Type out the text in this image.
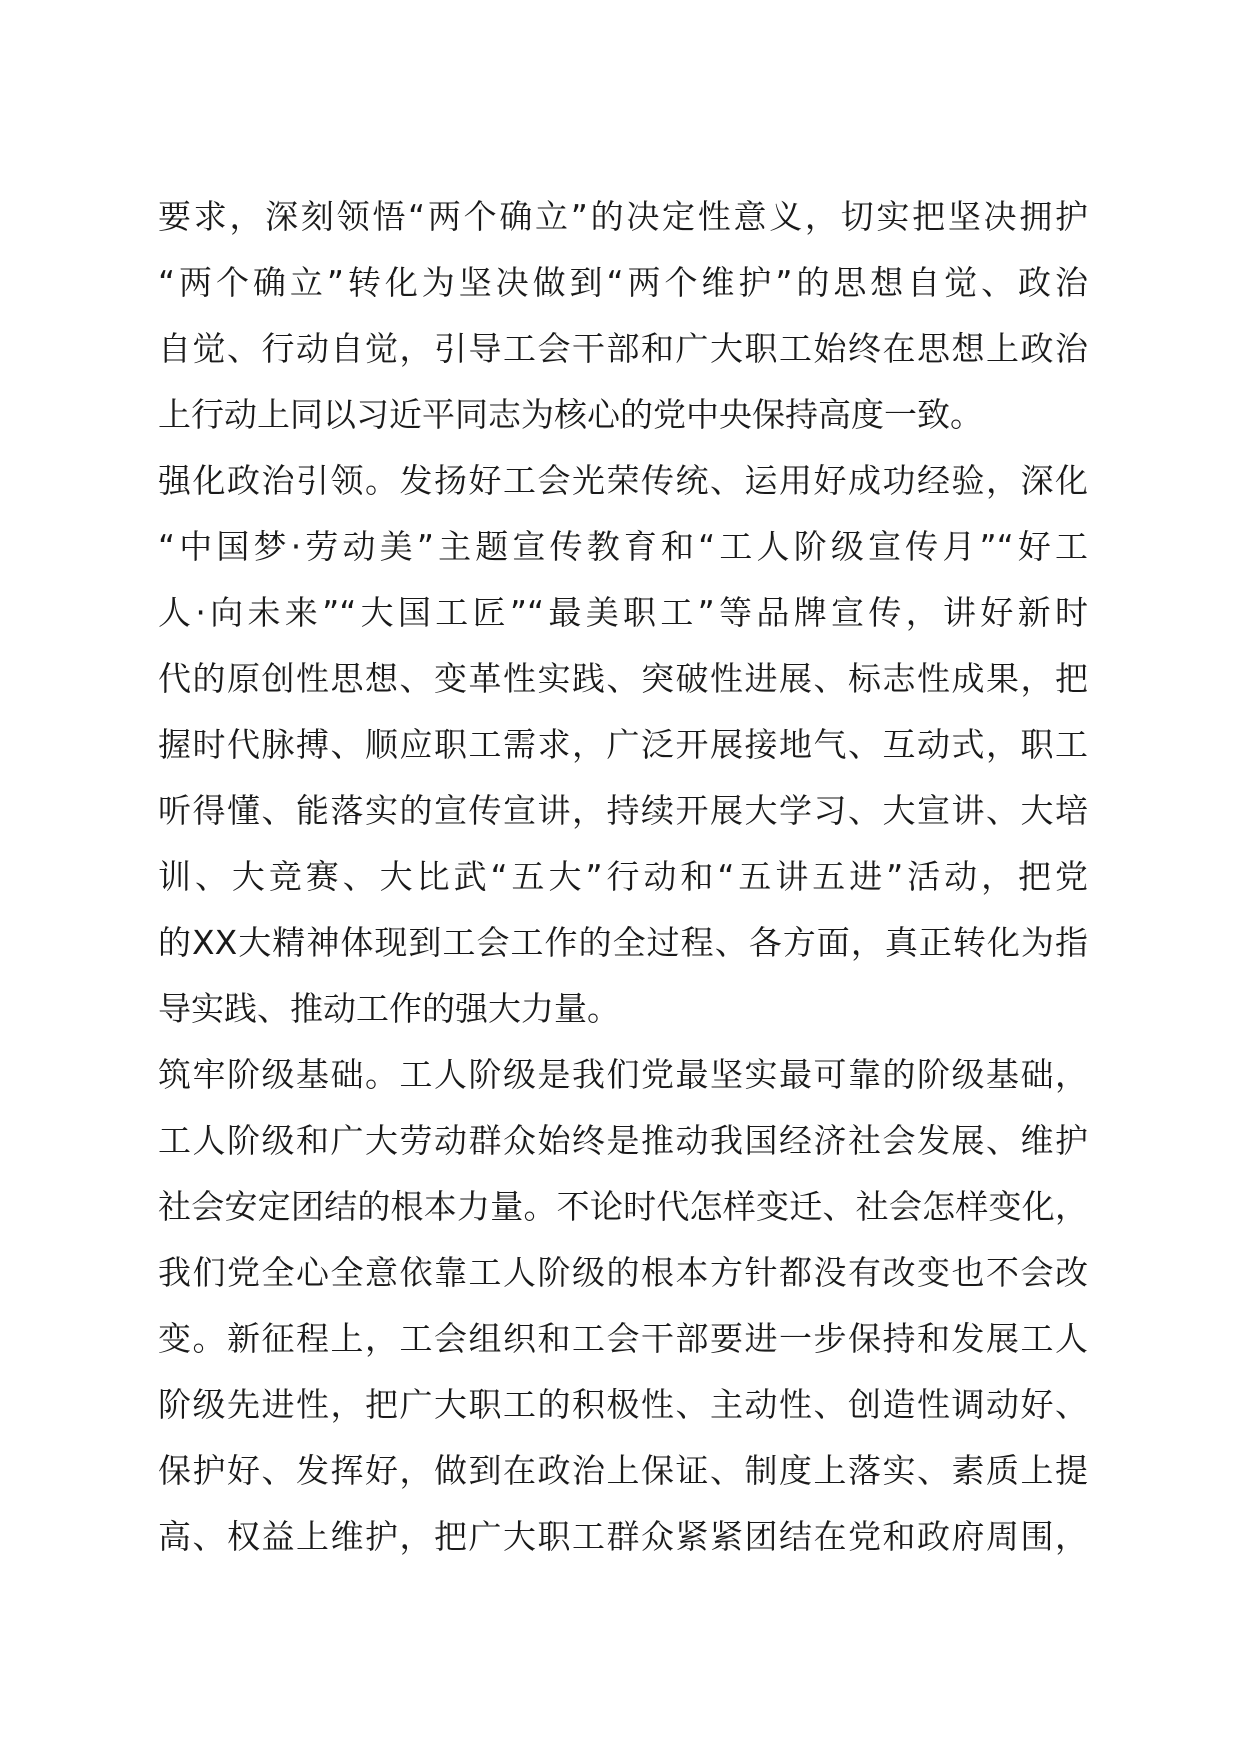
要求，深刻领悟“两个确立”的决定性意义，切实把坚决拥护
“两个确立”转化为坚决做到“两个维护”的思想自觉、政治
自觉、行动自觉，引导工会干部和广大职工始终在思想上政治
上行动上同以习近平同志为核心的党中央保持高度一致。
强化政治引领。发扬好工会光荣传统、运用好成功经验，深化
“中国梦·劳动美”主题宣传教育和“工人阶级宣传月”“好工
人·向未来”“大国工匠”“最美职工”等品牌宣传，讲好新时
代的原创性思想、变革性实践、突破性进展、标志性成果，把
握时代脉搏、顺应职工需求，广泛开展接地气、互动式，职工
听得懂、能落实的宣传宣讲，持续开展大学习、大宣讲、大培
训、大竞赛、大比武“五大”行动和“五讲五进”活动，把党
的XX大精神体现到工会工作的全过程、各方面，真正转化为指
导实践、推动工作的强大力量。
筑牢阶级基础。工人阶级是我们党最坚实最可靠的阶级基础，
工人阶级和广大劳动群众始终是推动我国经济社会发展、维护
社会安定团结的根本力量。不论时代怎样变迁、社会怎样变化，
我们党全心全意依靠工人阶级的根本方针都没有改变也不会改
变。新征程上，工会组织和工会干部要进一步保持和发展工人
阶级先进性，把广大职工的积极性、主动性、创造性调动好、
保护好、发挥好，做到在政治上保证、制度上落实、素质上提
高、权益上维护，把广大职工群众紧紧团结在党和政府周围，
